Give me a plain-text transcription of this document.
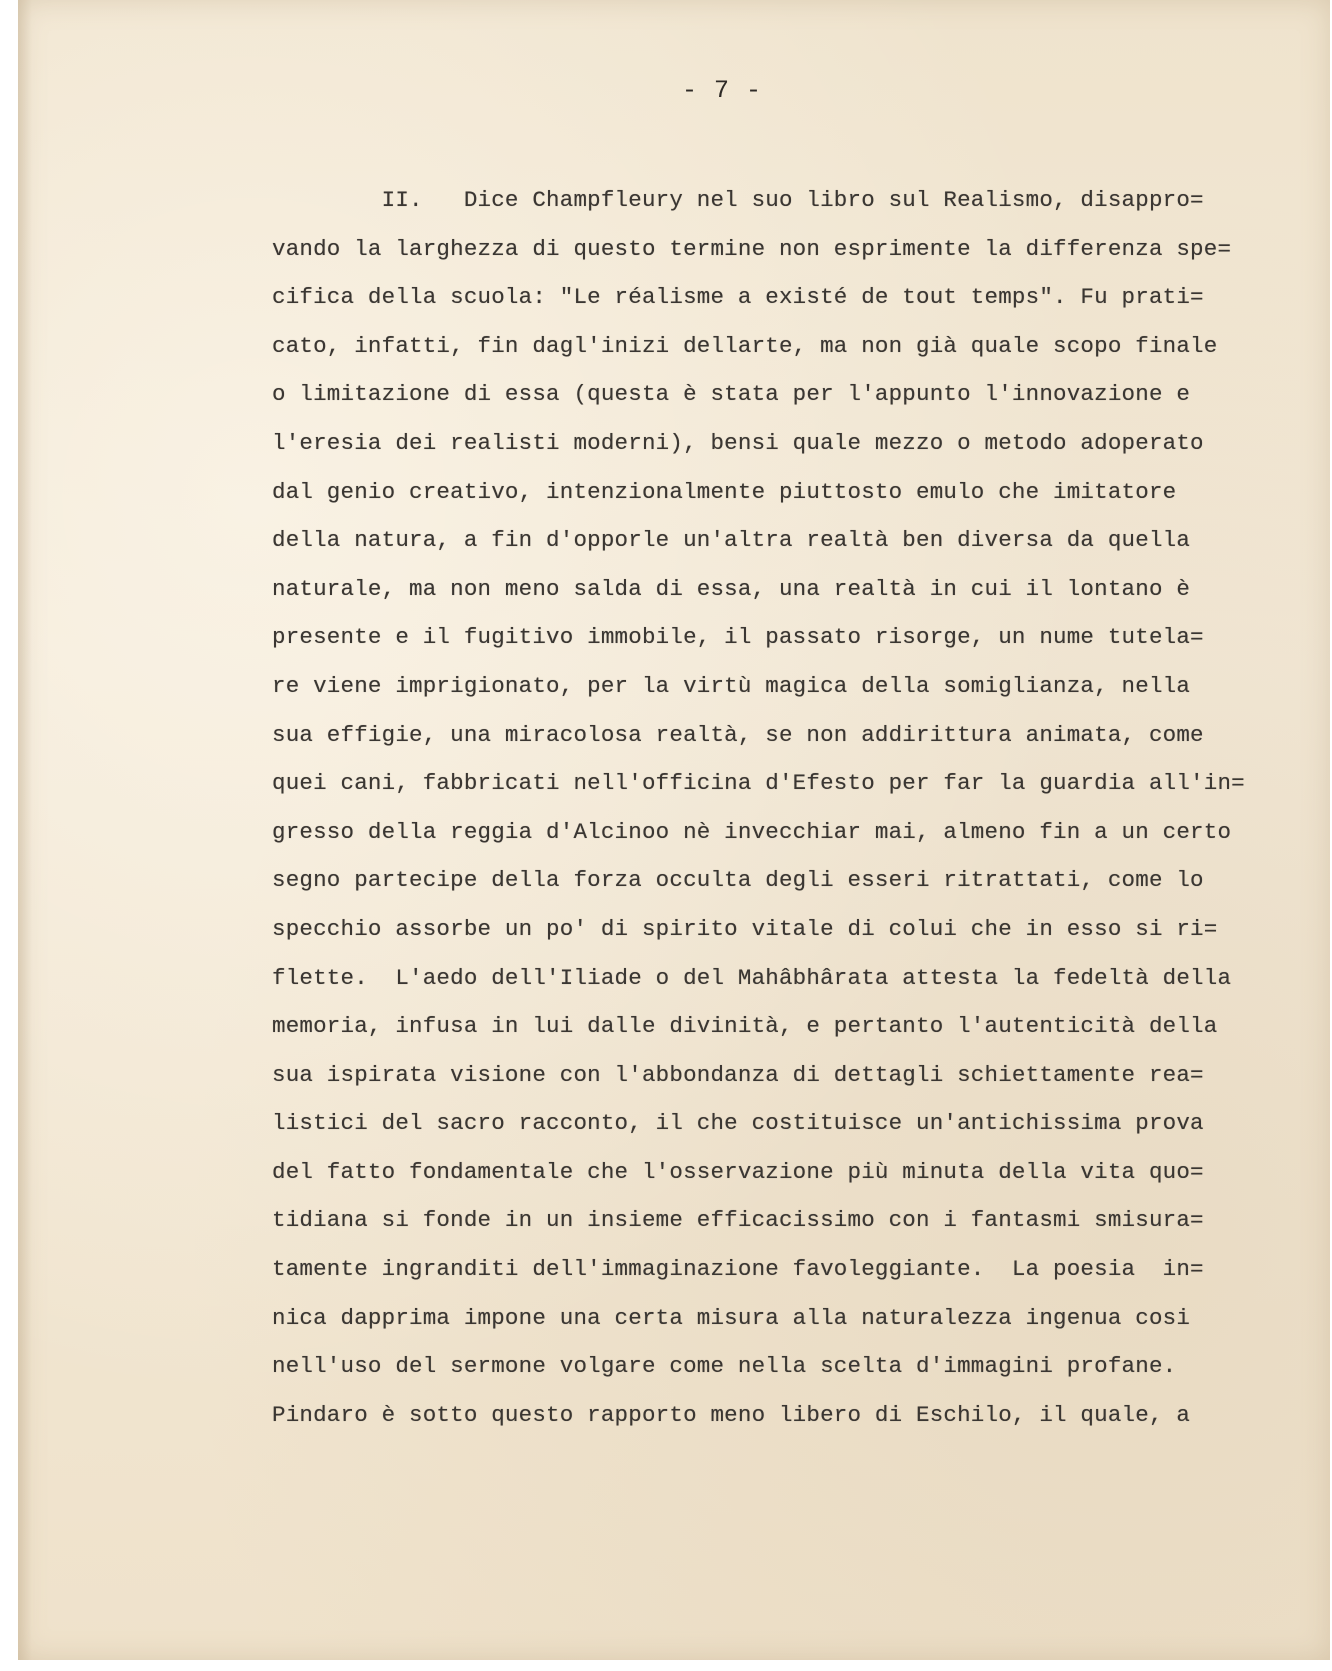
- 7 -
II.   Dice Champfleury nel suo libro sul Realismo, disappro=
vando la larghezza di questo termine non esprimente la differenza spe=
cifica della scuola: "Le réalisme a existé de tout temps". Fu prati=
cato, infatti, fin dagl'inizi dellarte, ma non già quale scopo finale
o limitazione di essa (questa è stata per l'appunto l'innovazione e
l'eresia dei realisti moderni), bensi quale mezzo o metodo adoperato
dal genio creativo, intenzionalmente piuttosto emulo che imitatore
della natura, a fin d'opporle un'altra realtà ben diversa da quella
naturale, ma non meno salda di essa, una realtà in cui il lontano è
presente e il fugitivo immobile, il passato risorge, un nume tutela=
re viene imprigionato, per la virtù magica della somiglianza, nella
sua effigie, una miracolosa realtà, se non addirittura animata, come
quei cani, fabbricati nell'officina d'Efesto per far la guardia all'in=
gresso della reggia d'Alcinoo nè invecchiar mai, almeno fin a un certo
segno partecipe della forza occulta degli esseri ritrattati, come lo
specchio assorbe un po' di spirito vitale di colui che in esso si ri=
flette.  L'aedo dell'Iliade o del Mahâbhârata attesta la fedeltà della
memoria, infusa in lui dalle divinità, e pertanto l'autenticità della
sua ispirata visione con l'abbondanza di dettagli schiettamente rea=
listici del sacro racconto, il che costituisce un'antichissima prova
del fatto fondamentale che l'osservazione più minuta della vita quo=
tidiana si fonde in un insieme efficacissimo con i fantasmi smisura=
tamente ingranditi dell'immaginazione favoleggiante.  La poesia  in=
nica dapprima impone una certa misura alla naturalezza ingenua cosi
nell'uso del sermone volgare come nella scelta d'immagini profane.
Pindaro è sotto questo rapporto meno libero di Eschilo, il quale, a
